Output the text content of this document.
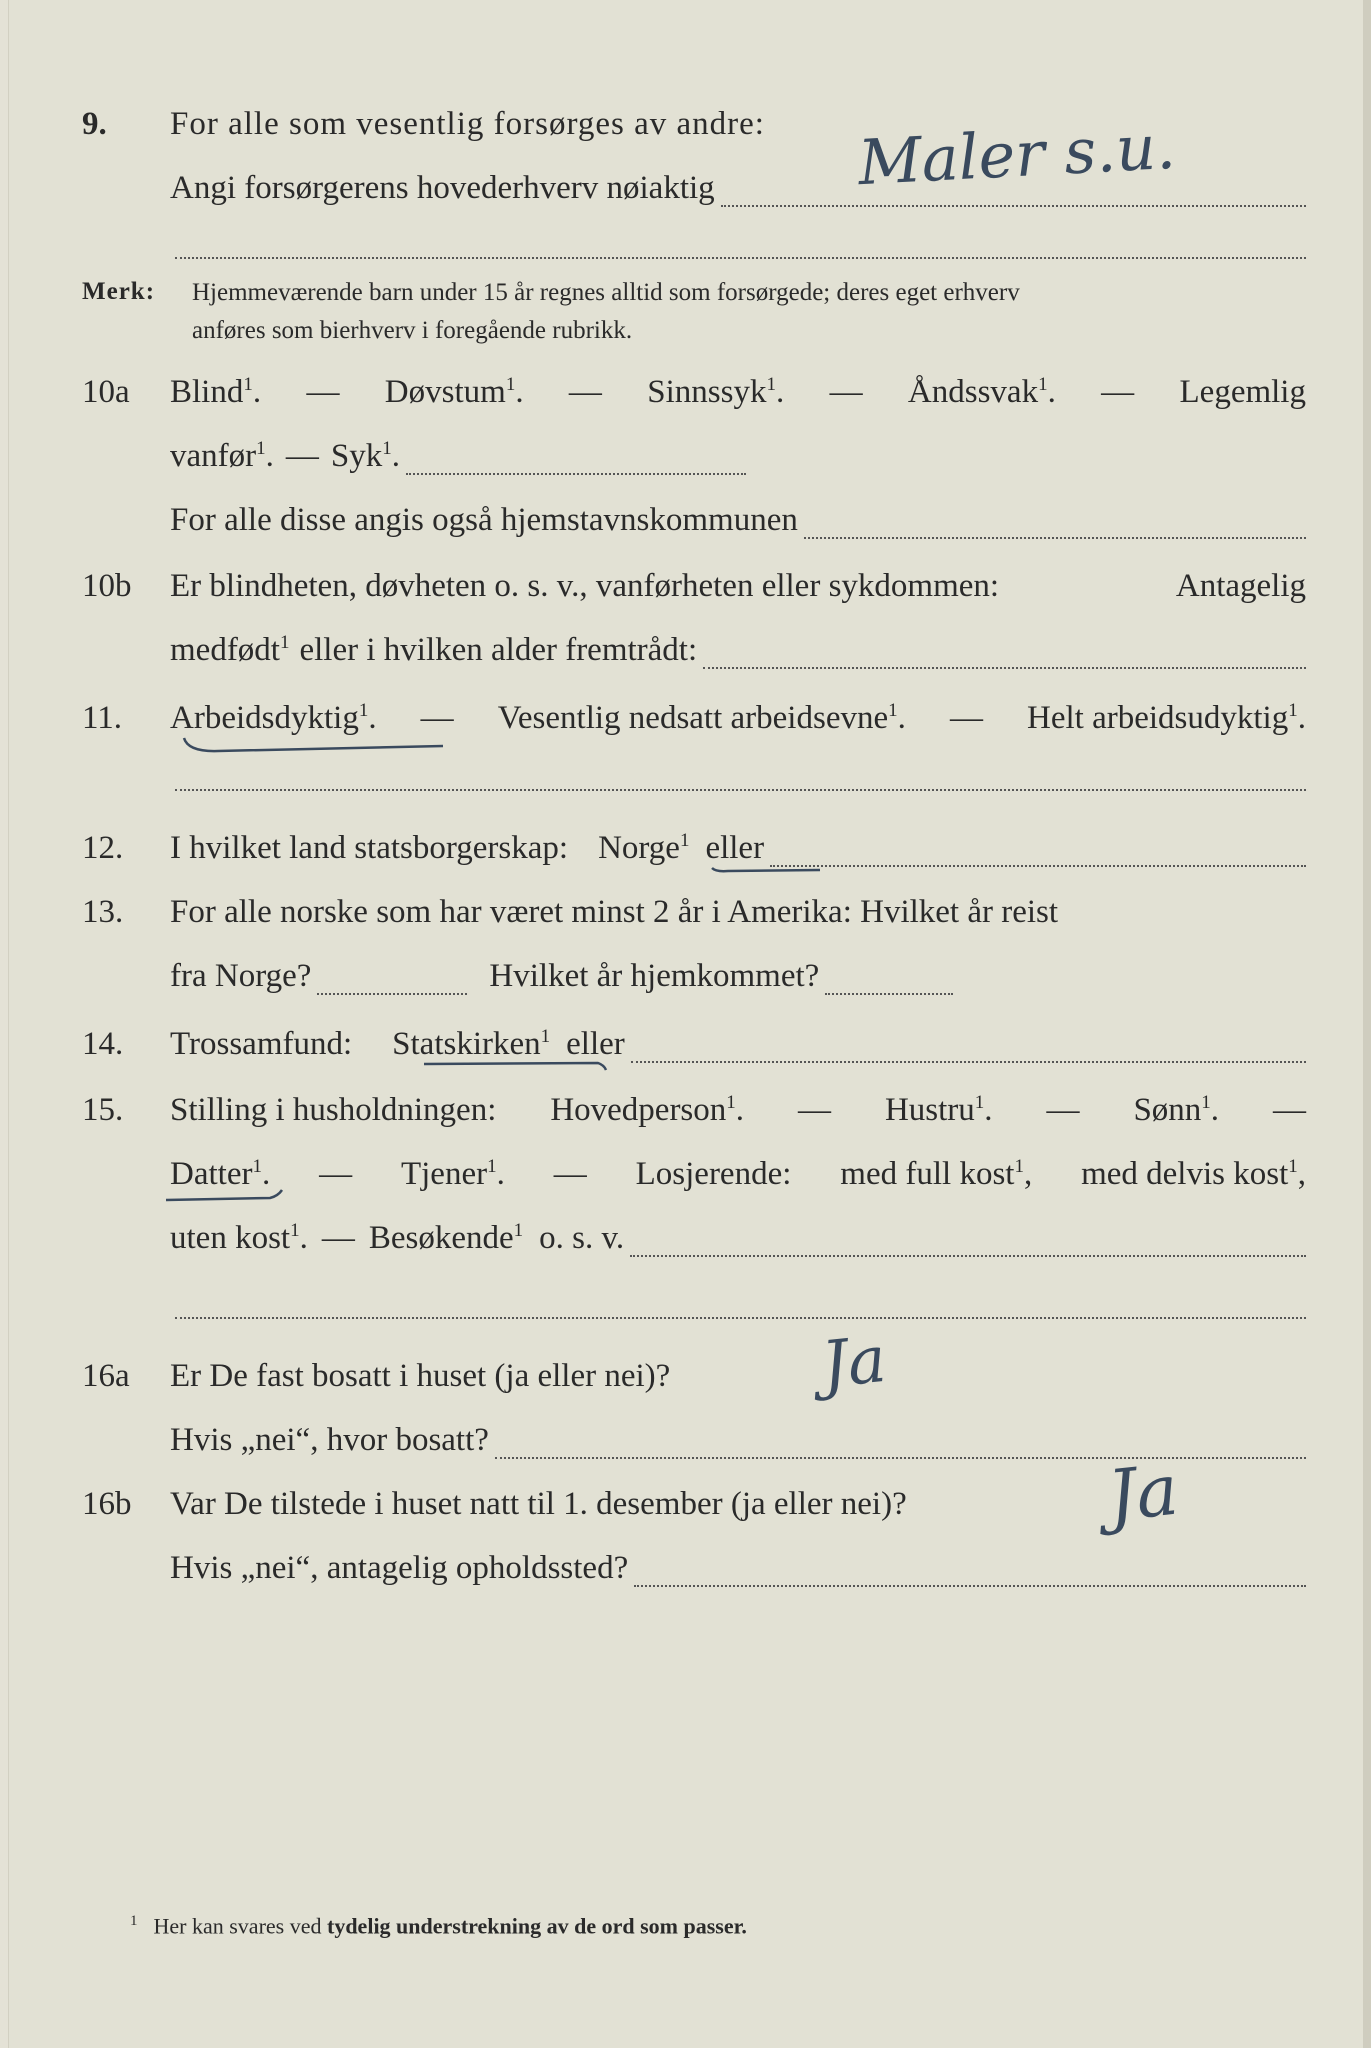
9. For alle som vesentlig forsørges av andre:
Angi forsørgerens hovederhverv nøiaktig Maler s.u.
Merk: Hjemmeværende barn under 15 år regnes alltid som forsørgede; deres eget erhverv
anføres som bierhverv i foregående rubrikk.
10a Blind$^1$. — Døvstum$^1$. — Sinnssyk$^1$. — Åndssvak$^1$. — Legemlig
vanfør$^1$. — Syk$^1$.
For alle disse angis også hjemstavnskommunen
10b Er blindheten, døvheten o. s. v., vanførheten eller sykdommen:	Antagelig
medfødt$^1$ eller i hvilken alder fremtrådt:
11. Arbeidsdyktig$^1$. — Vesentlig nedsatt arbeidsevne$^1$. — Helt arbeidsudyktig$^1$.
12. I hvilket land statsborgerskap: Norge$^1$ eller
13. For alle norske som har været minst 2 år i Amerika: Hvilket år reist
fra Norge?	Hvilket år hjemkommet?
14. Trossamfund: Statskirken$^1$ eller
15. Stilling i husholdningen: Hovedperson$^1$. — Hustru$^1$. — Sønn$^1$. —
Datter$^1$. — Tjener$^1$. — Losjerende: med full kost$^1$, med delvis kost$^1$,
uten kost$^1$. — Besøkende$^1$ o. s. v.
16a Er De fast bosatt i huset (ja eller nei)? Ja
Hvis „nei“, hvor bosatt?
16b Var De tilstede i huset natt til 1. desember (ja eller nei)?	Ja
Hvis „nei“, antagelig opholdssted?
$^1$ Her kan svares ved tydelig understrekning av de ord som passer.
